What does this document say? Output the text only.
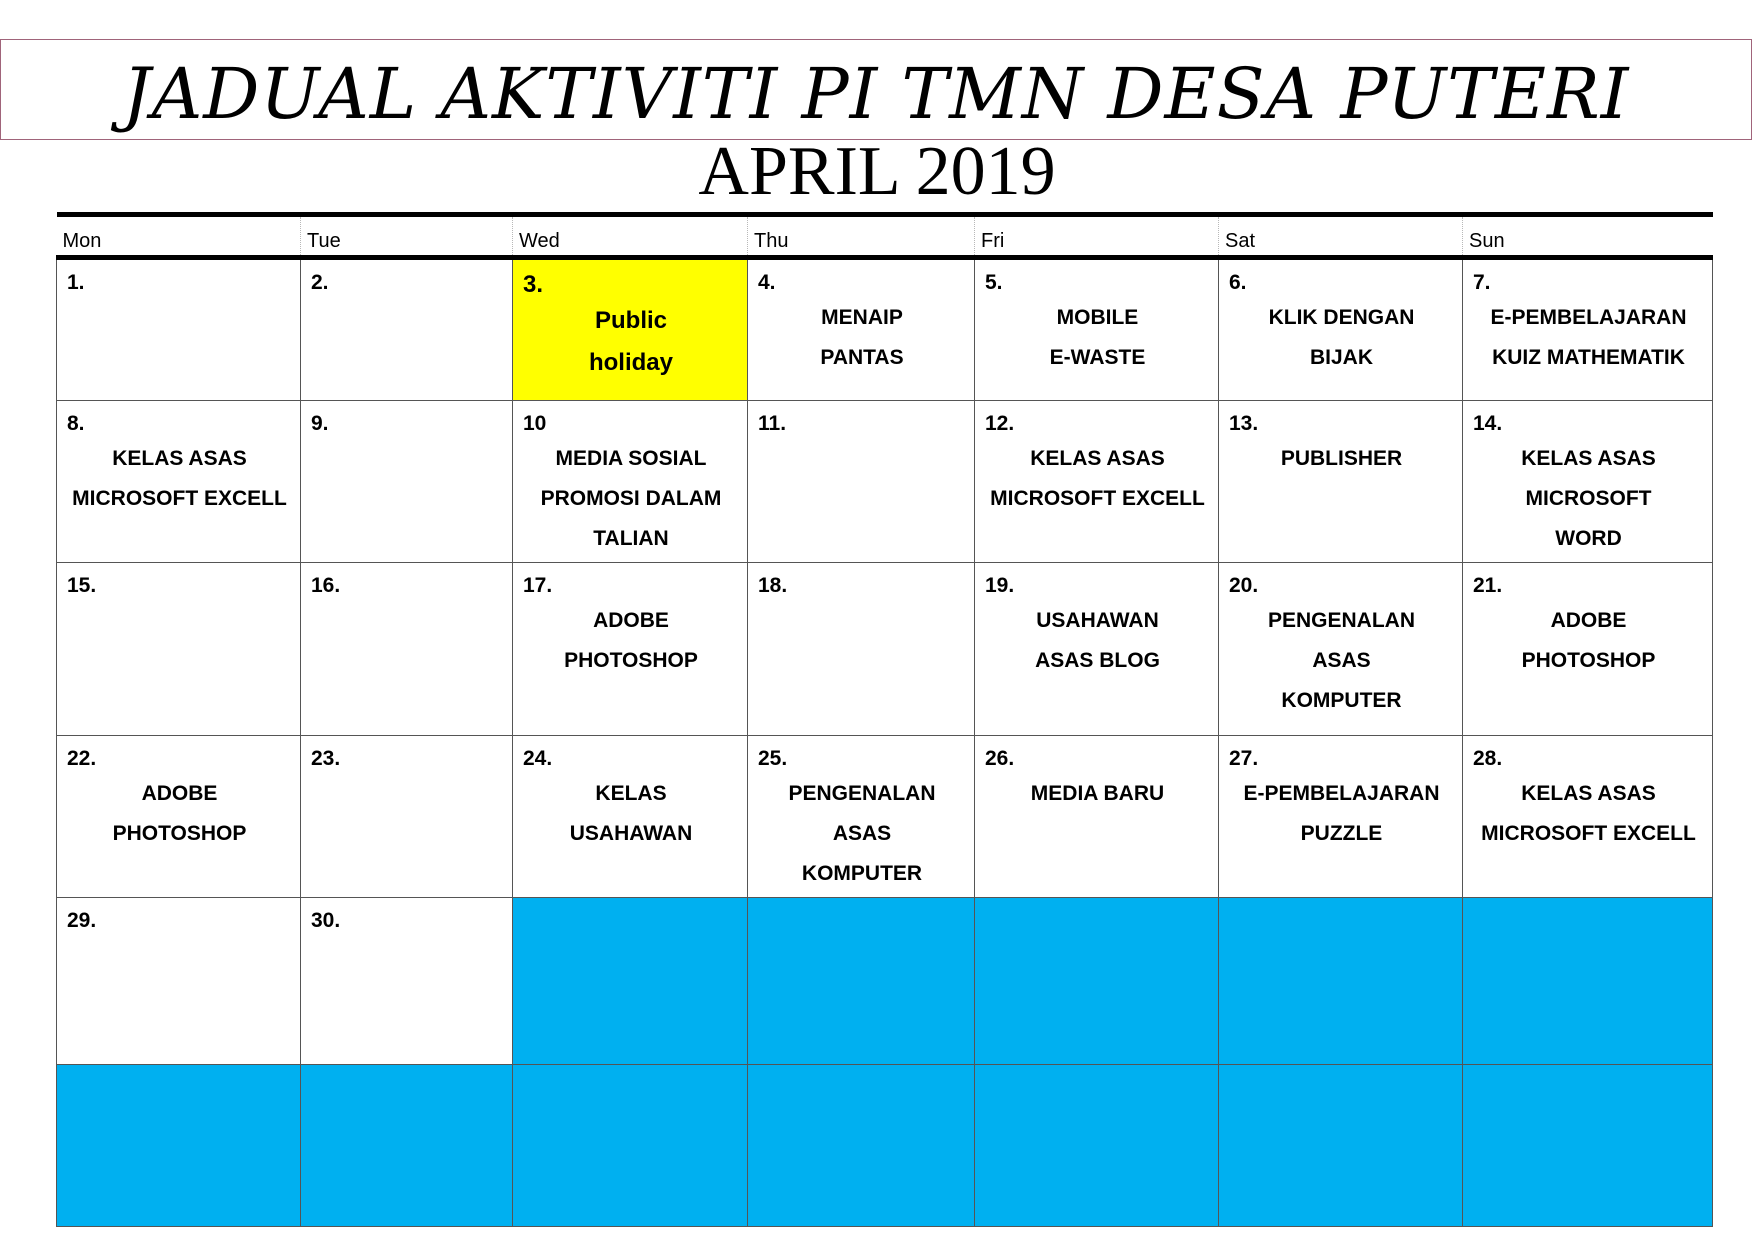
JADUAL AKTIVITI PI TMN DESA PUTERI
APRIL 2019
Mon	Tue	Wed	Thu	Fri	Sat	Sun

1.	2.	3.
Public
holiday	4.
MENAIP
PANTAS	5.
MOBILE
E-WASTE	6.
KLIK DENGAN
BIJAK	7.
E-PEMBELAJARAN
KUIZ MATHEMATIK

8.
KELAS ASAS
MICROSOFT EXCELL	9.	10
MEDIA SOSIAL
PROMOSI DALAM
TALIAN	11.	12.
KELAS ASAS
MICROSOFT EXCELL	13.
PUBLISHER	14.
KELAS ASAS
MICROSOFT
WORD

15.	16.	17.
ADOBE
PHOTOSHOP	18.	19.
USAHAWAN
ASAS BLOG	20.
PENGENALAN
ASAS
KOMPUTER	21.
ADOBE
PHOTOSHOP

22.
ADOBE
PHOTOSHOP	23.	24.
KELAS
USAHAWAN	25.
PENGENALAN
ASAS
KOMPUTER	26.
MEDIA BARU	27.
E-PEMBELAJARAN
PUZZLE	28.
KELAS ASAS
MICROSOFT EXCELL

29.	30.					
